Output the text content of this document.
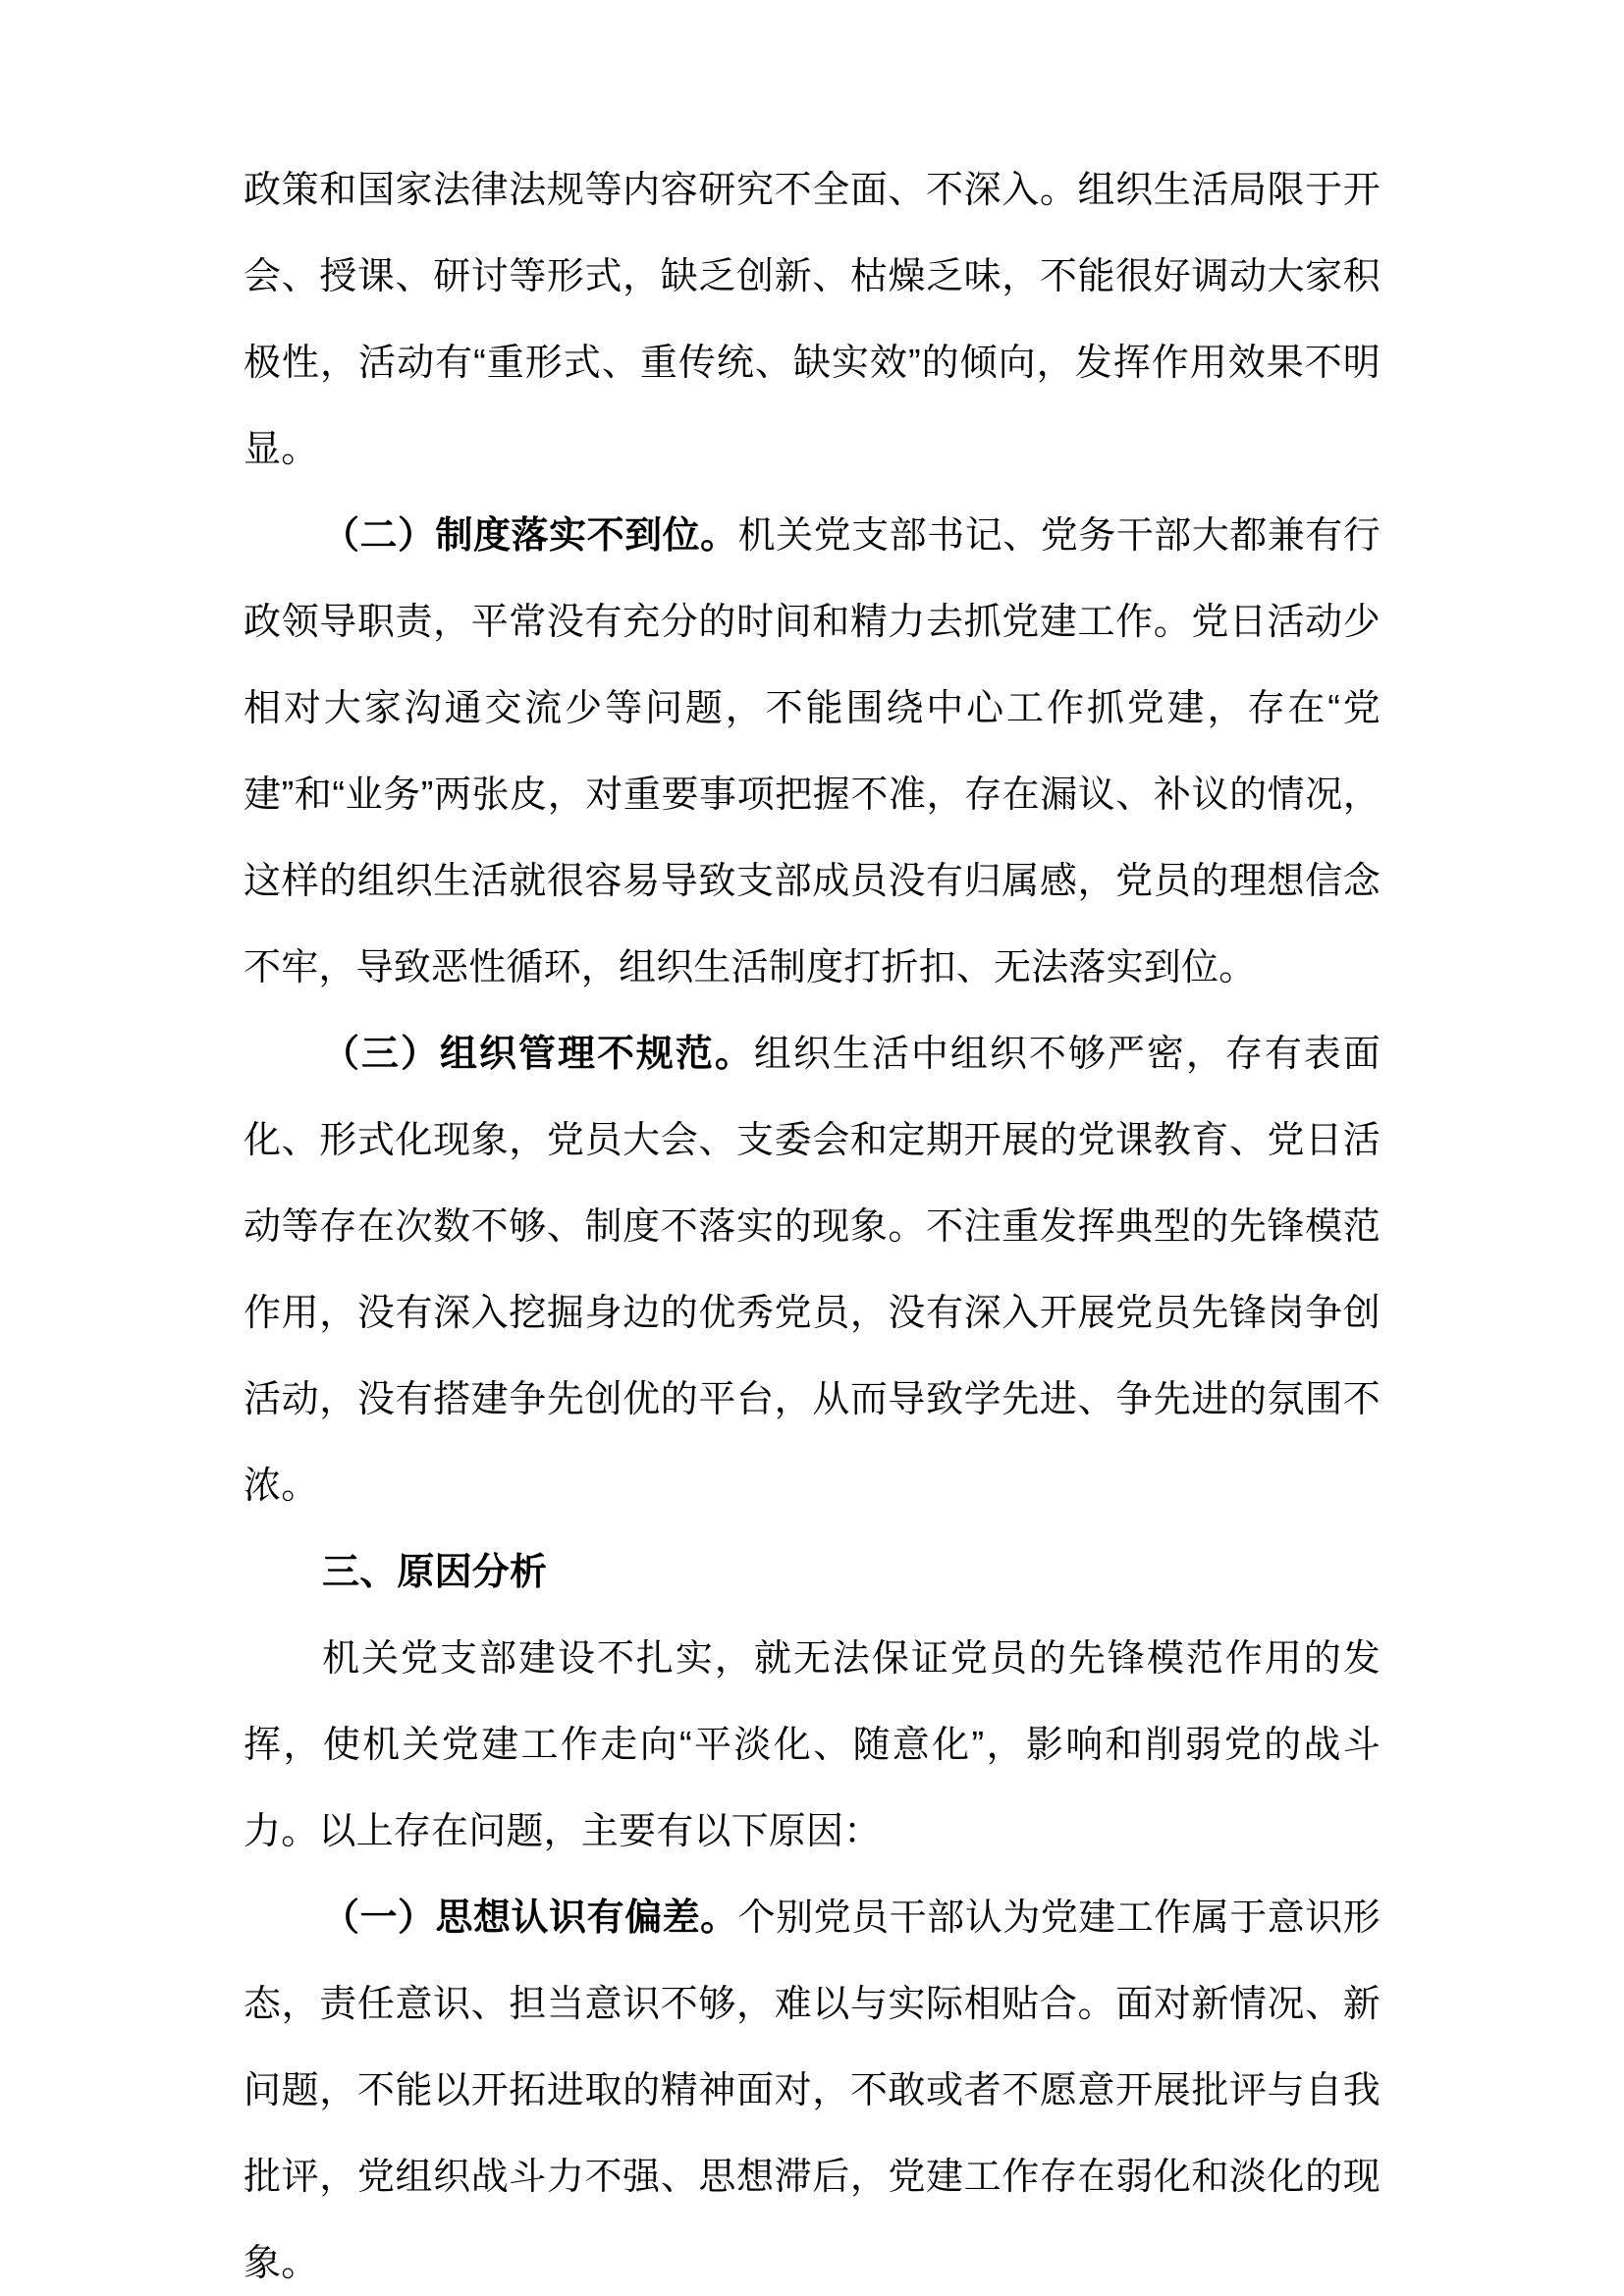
政策和国家法律法规等内容研究不全面、不深入。组织生活局限于开会、授课、研讨等形式，缺乏创新、枯燥乏味，不能很好调动大家积极性，活动有“重形式、重传统、缺实效”的倾向，发挥作用效果不明显。

（二）制度落实不到位。机关党支部书记、党务干部大都兼有行政领导职责，平常没有充分的时间和精力去抓党建工作。党日活动少相对大家沟通交流少等问题，不能围绕中心工作抓党建，存在“党建”和“业务”两张皮，对重要事项把握不准，存在漏议、补议的情况，这样的组织生活就很容易导致支部成员没有归属感，党员的理想信念不牢，导致恶性循环，组织生活制度打折扣、无法落实到位。

（三）组织管理不规范。组织生活中组织不够严密，存有表面化、形式化现象，党员大会、支委会和定期开展的党课教育、党日活动等存在次数不够、制度不落实的现象。不注重发挥典型的先锋模范作用，没有深入挖掘身边的优秀党员，没有深入开展党员先锋岗争创活动，没有搭建争先创优的平台，从而导致学先进、争先进的氛围不浓。

三、原因分析

机关党支部建设不扎实，就无法保证党员的先锋模范作用的发挥，使机关党建工作走向“平淡化、随意化”，影响和削弱党的战斗力。以上存在问题，主要有以下原因：

（一）思想认识有偏差。个别党员干部认为党建工作属于意识形态，责任意识、担当意识不够，难以与实际相贴合。面对新情况、新问题，不能以开拓进取的精神面对，不敢或者不愿意开展批评与自我批评，党组织战斗力不强、思想滞后，党建工作存在弱化和淡化的现象。
